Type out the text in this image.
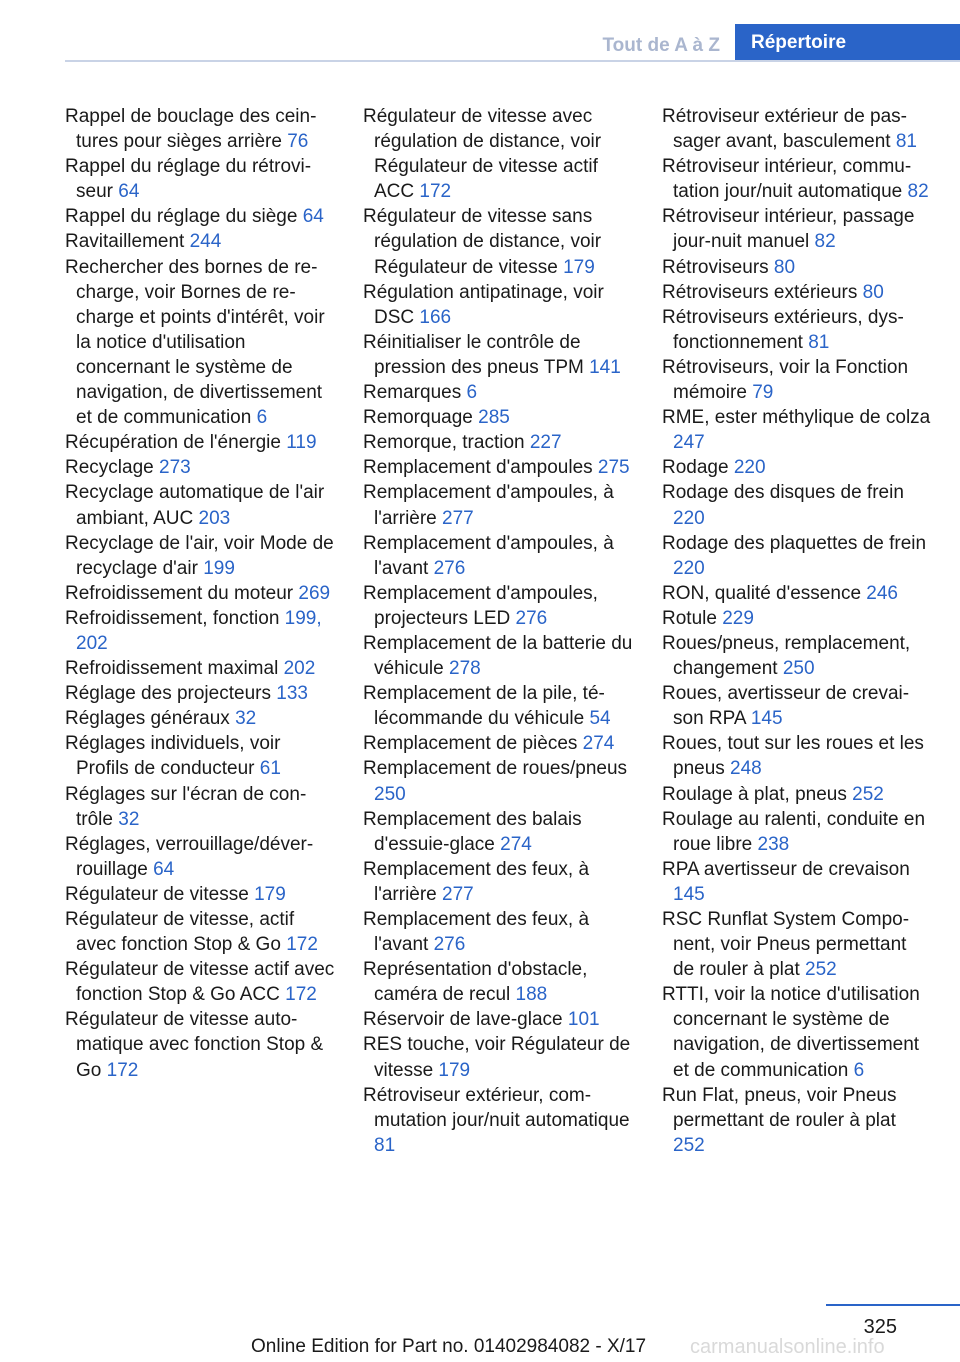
Tout de A à Z	Répertoire
Rappel de bouclage des ceintures pour sièges arrière 76
Rappel du réglage du rétroviseur 64
Rappel du réglage du siège 64
Ravitaillement 244
Rechercher des bornes de recharge, voir Bornes de recharge et points d'intérêt, voir la notice d'utilisation concernant le système de navigation, de divertissement et de communication 6
Récupération de l'énergie 119
Recyclage 273
Recyclage automatique de l'air ambiant, AUC 203
Recyclage de l'air, voir Mode de recyclage d'air 199
Refroidissement du moteur 269
Refroidissement, fonction 199, 202
Refroidissement maximal 202
Réglage des projecteurs 133
Réglages généraux 32
Réglages individuels, voir Profils de conducteur 61
Réglages sur l'écran de contrôle 32
Réglages, verrouillage/déverrouillage 64
Régulateur de vitesse 179
Régulateur de vitesse, actif avec fonction Stop & Go 172
Régulateur de vitesse actif avec fonction Stop & Go ACC 172
Régulateur de vitesse automatique avec fonction Stop & Go 172
Régulateur de vitesse avec régulation de distance, voir Régulateur de vitesse actif ACC 172
Régulateur de vitesse sans régulation de distance, voir Régulateur de vitesse 179
Régulation antipatinage, voir DSC 166
Réinitialiser le contrôle de pression des pneus TPM 141
Remarques 6
Remorquage 285
Remorque, traction 227
Remplacement d'ampoules 275
Remplacement d'ampoules, à l'arrière 277
Remplacement d'ampoules, à l'avant 276
Remplacement d'ampoules, projecteurs LED 276
Remplacement de la batterie du véhicule 278
Remplacement de la pile, télécommande du véhicule 54
Remplacement de pièces 274
Remplacement de roues/pneus 250
Remplacement des balais d'essuie-glace 274
Remplacement des feux, à l'arrière 277
Remplacement des feux, à l'avant 276
Représentation d'obstacle, caméra de recul 188
Réservoir de lave-glace 101
RES touche, voir Régulateur de vitesse 179
Rétroviseur extérieur, commutation jour/nuit automatique 81
Rétroviseur extérieur de passager avant, basculement 81
Rétroviseur intérieur, commutation jour/nuit automatique 82
Rétroviseur intérieur, passage jour-nuit manuel 82
Rétroviseurs 80
Rétroviseurs extérieurs 80
Rétroviseurs extérieurs, dysfonctionnement 81
Rétroviseurs, voir la Fonction mémoire 79
RME, ester méthylique de colza 247
Rodage 220
Rodage des disques de frein 220
Rodage des plaquettes de frein 220
RON, qualité d'essence 246
Rotule 229
Roues/pneus, remplacement, changement 250
Roues, avertisseur de crevaison RPA 145
Roues, tout sur les roues et les pneus 248
Roulage à plat, pneus 252
Roulage au ralenti, conduite en roue libre 238
RPA avertisseur de crevaison 145
RSC Runflat System Component, voir Pneus permettant de rouler à plat 252
RTTI, voir la notice d'utilisation concernant le système de navigation, de divertissement et de communication 6
Run Flat, pneus, voir Pneus permettant de rouler à plat 252
325
Online Edition for Part no. 01402984082 - X/17 carmanualsonline.info
